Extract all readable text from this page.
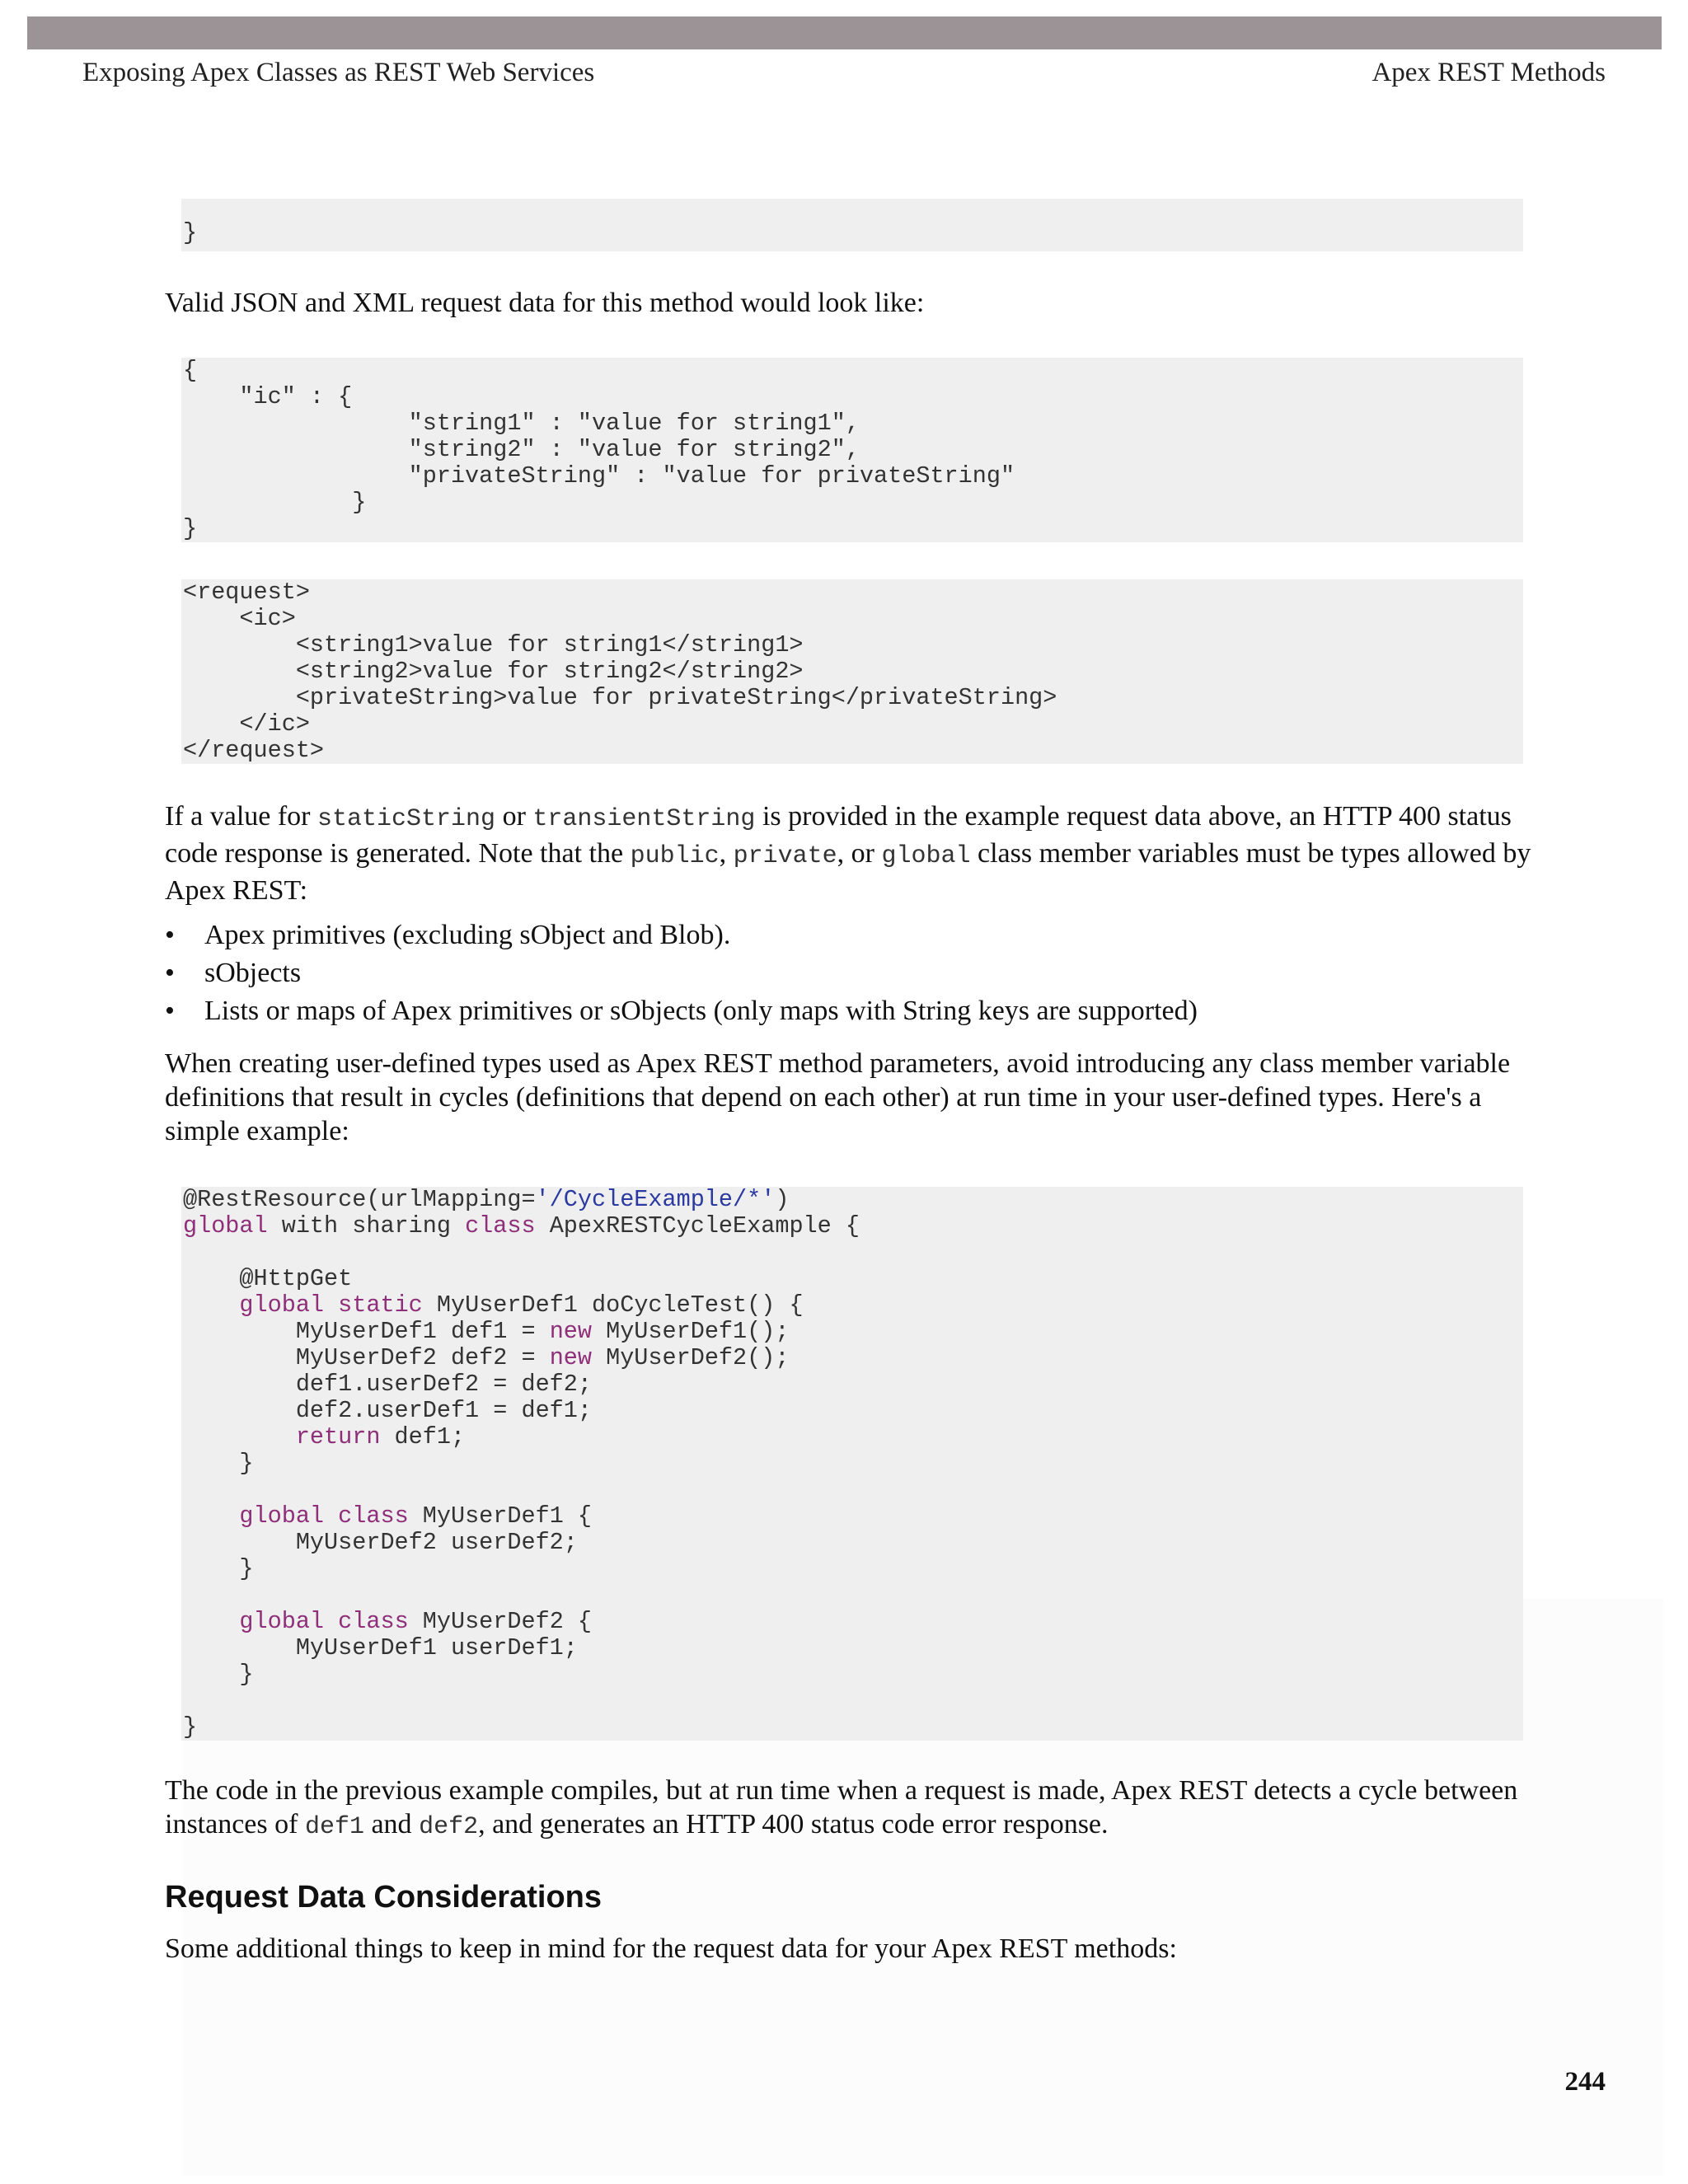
Exposing Apex Classes as REST Web Services	Apex REST Methods
}

Valid JSON and XML request data for this method would look like:

{
"ic" : {
"string1" : "value for string1",
"string2" : "value for string2",
"privateString" : "value for privateString"
}
}
<request>
<ic>
<string1>value for string1</string1>
<string2>value for string2</string2>
<privateString>value for privateString</privateString>
</ic>
</request>

If a value for staticString or transientString is provided in the example request data above, an HTTP 400 status code response is generated. Note that the public, private, or global class member variables must be types allowed by Apex REST:

• Apex primitives (excluding sObject and Blob).
• sObjects
• Lists or maps of Apex primitives or sObjects (only maps with String keys are supported)

When creating user-defined types used as Apex REST method parameters, avoid introducing any class member variable definitions that result in cycles (definitions that depend on each other) at run time in your user-defined types. Here's a simple example:

@RestResource(urlMapping='/CycleExample/*')
global with sharing class ApexRESTCycleExample {
@HttpGet
global static MyUserDef1 doCycleTest() {
MyUserDef1 def1 = new MyUserDef1();
MyUserDef2 def2 = new MyUserDef2();
def1.userDef2 = def2;
def2.userDef1 = def1;
return def1;
}
global class MyUserDef1 {
MyUserDef2 userDef2;
}
global class MyUserDef2 {
MyUserDef1 userDef1;
}
}

The code in the previous example compiles, but at run time when a request is made, Apex REST detects a cycle between instances of def1 and def2, and generates an HTTP 400 status code error response.

Request Data Considerations

Some additional things to keep in mind for the request data for your Apex REST methods:

244
